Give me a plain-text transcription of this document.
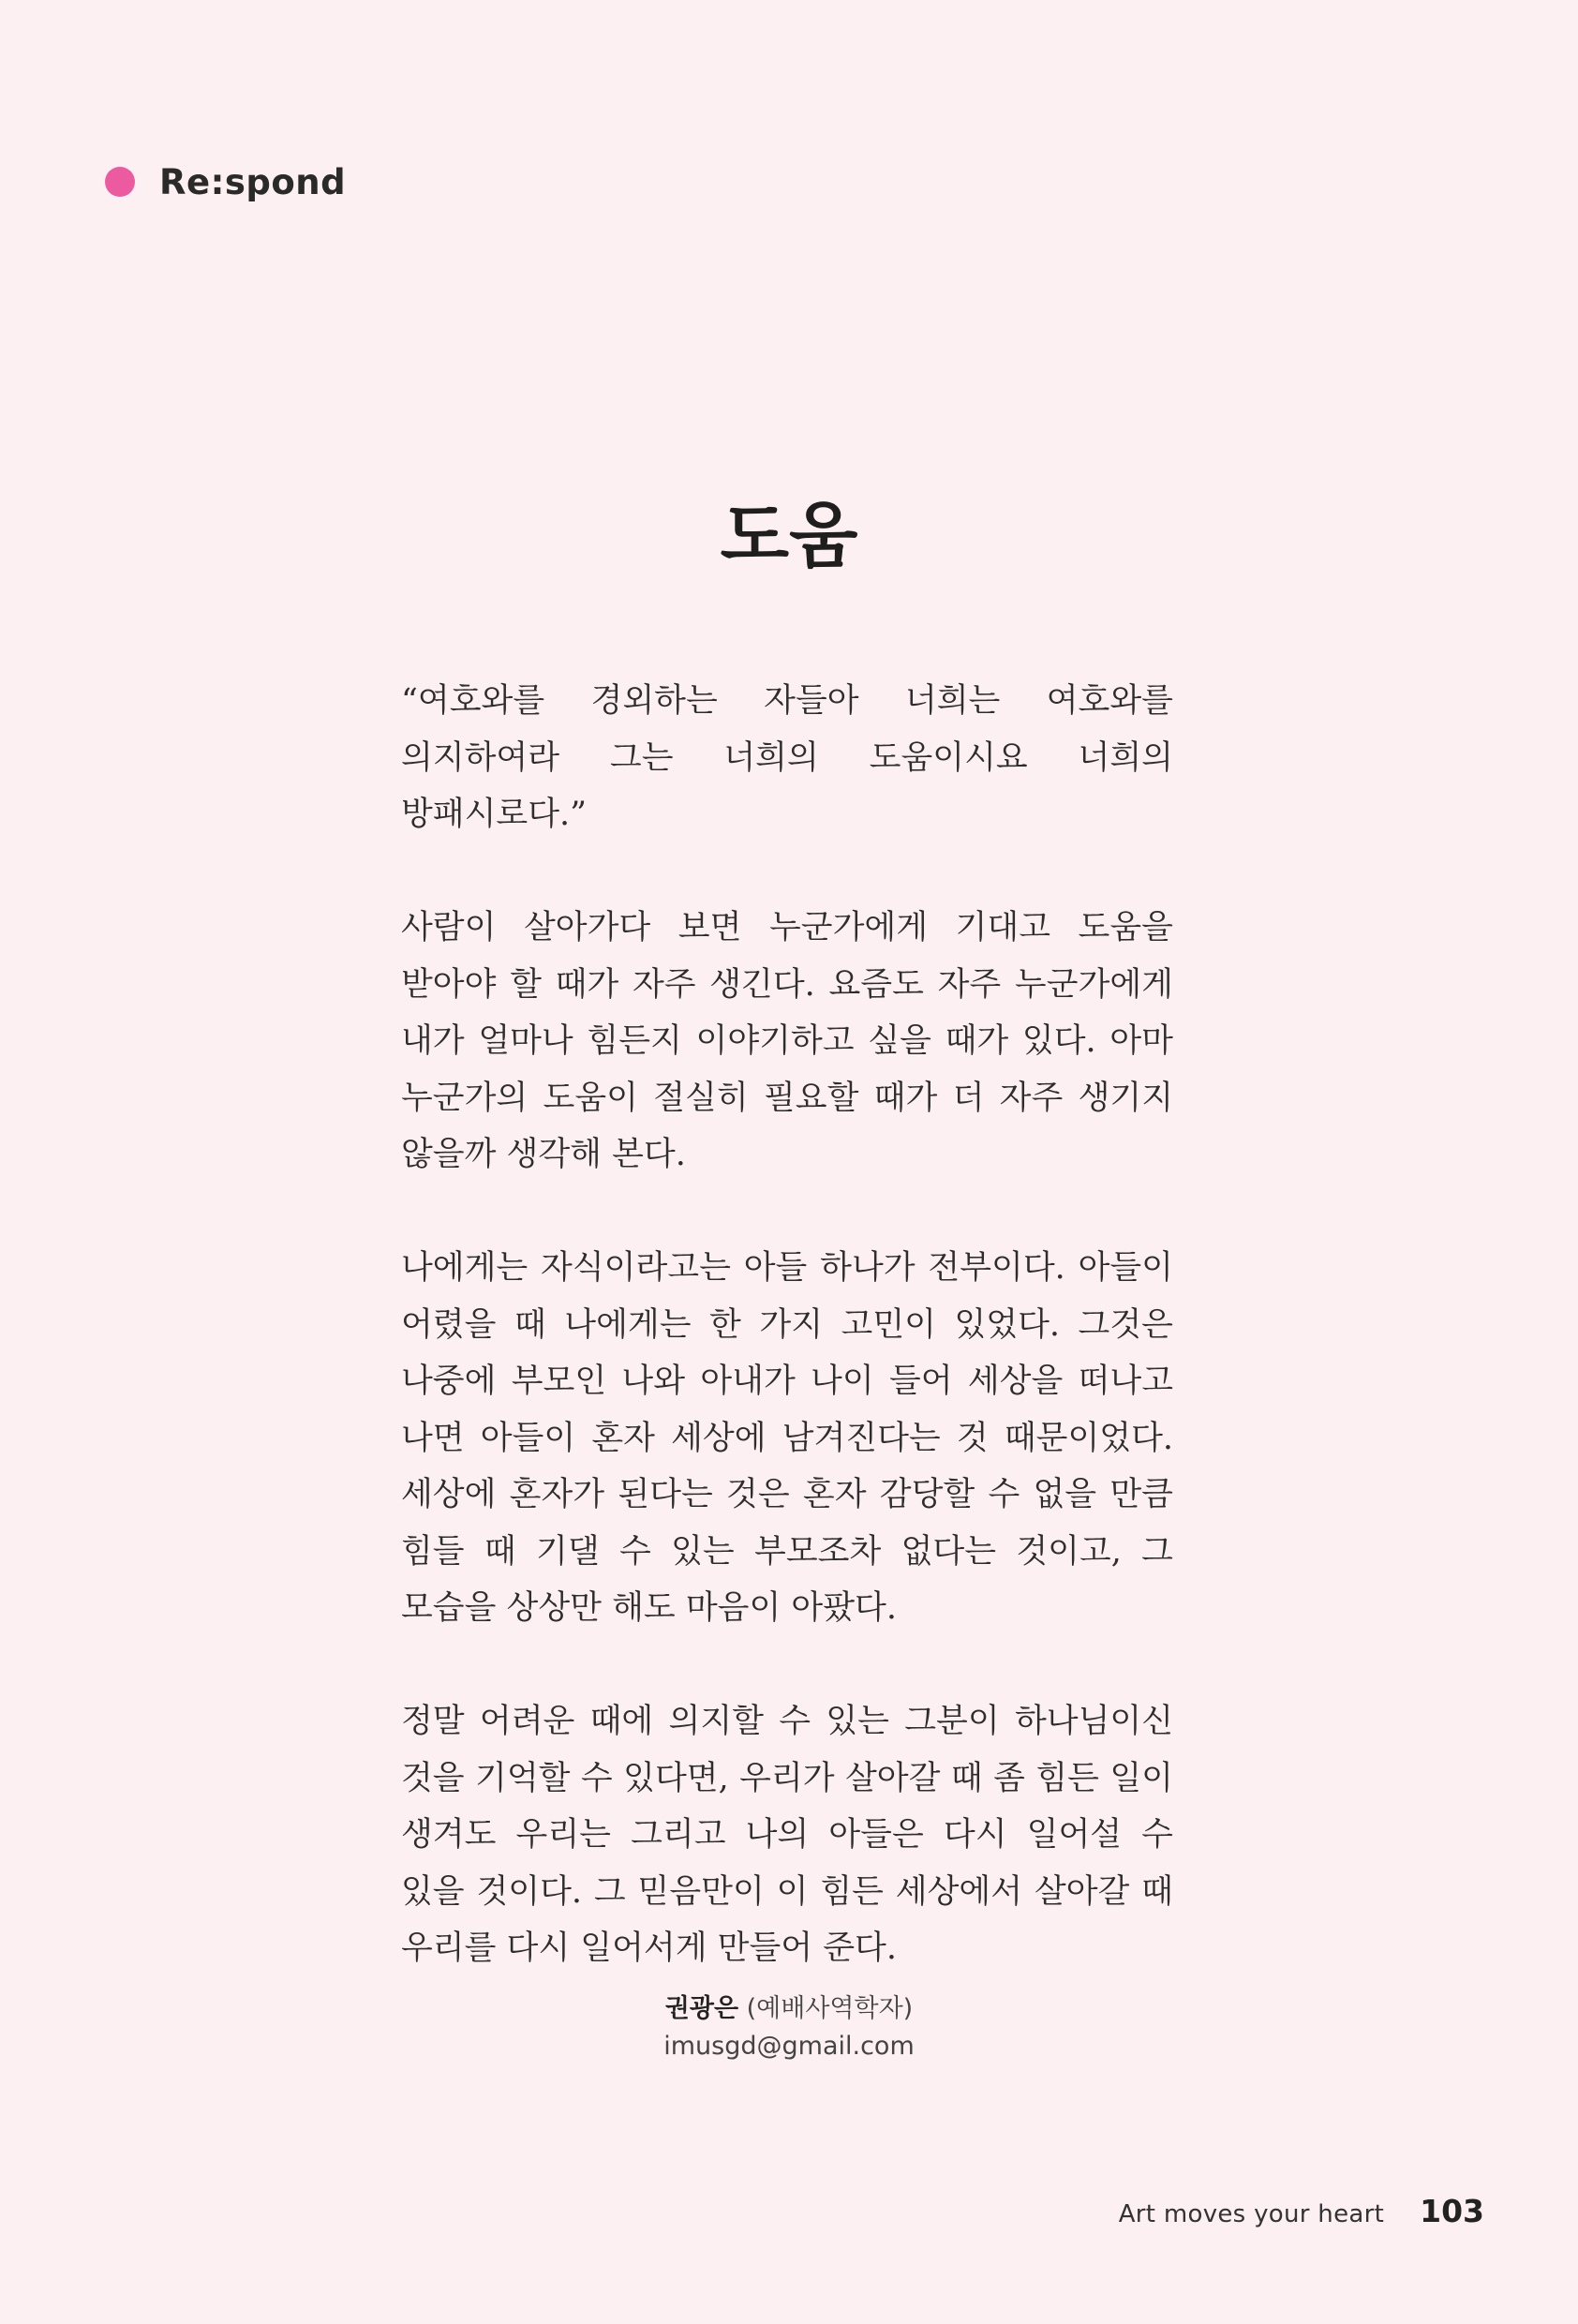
Re:spond
도움

“여호와를 경외하는 자들아 너희는 여호와를 의지하여라 그는 너희의 도움이시요 너희의 방패시로다.”

사람이 살아가다 보면 누군가에게 기대고 도움을 받아야 할 때가 자주 생긴다. 요즘도 자주 누군가에게 내가 얼마나 힘든지 이야기하고 싶을 때가 있다. 아마 누군가의 도움이 절실히 필요할 때가 더 자주 생기지 않을까 생각해 본다.

나에게는 자식이라고는 아들 하나가 전부이다. 아들이 어렸을 때 나에게는 한 가지 고민이 있었다. 그것은 나중에 부모인 나와 아내가 나이 들어 세상을 떠나고 나면 아들이 혼자 세상에 남겨진다는 것 때문이었다. 세상에 혼자가 된다는 것은 혼자 감당할 수 없을 만큼 힘들 때 기댈 수 있는 부모조차 없다는 것이고, 그 모습을 상상만 해도 마음이 아팠다.

정말 어려운 때에 의지할 수 있는 그분이 하나님이신 것을 기억할 수 있다면, 우리가 살아갈 때 좀 힘든 일이 생겨도 우리는 그리고 나의 아들은 다시 일어설 수 있을 것이다. 그 믿음만이 이 힘든 세상에서 살아갈 때 우리를 다시 일어서게 만들어 준다.

권광은 (예배사역학자)
imusgd@gmail.com
Art moves your heart 103
